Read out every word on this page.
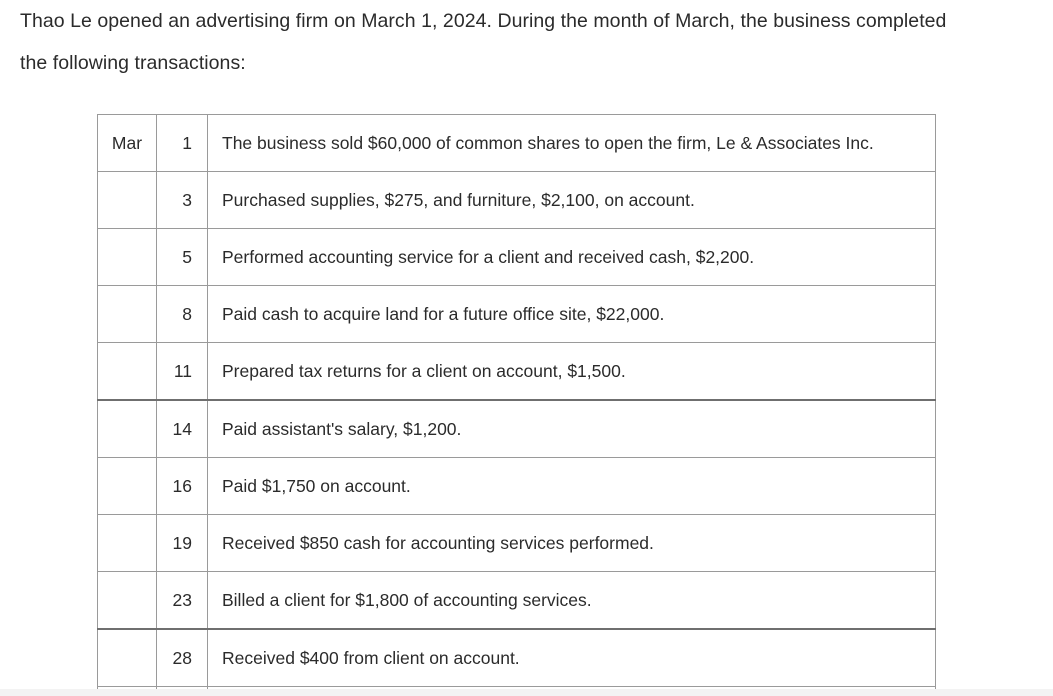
Thao Le opened an advertising firm on March 1, 2024. During the month of March, the business completed
the following transactions:

Mar	1	The business sold $60,000 of common shares to open the firm, Le & Associates Inc.
	3	Purchased supplies, $275, and furniture, $2,100, on account.
	5	Performed accounting service for a client and received cash, $2,200.
	8	Paid cash to acquire land for a future office site, $22,000.
	11	Prepared tax returns for a client on account, $1,500.
	14	Paid assistant's salary, $1,200.
	16	Paid $1,750 on account.
	19	Received $850 cash for accounting services performed.
	23	Billed a client for $1,800 of accounting services.
	28	Received $400 from client on account.
